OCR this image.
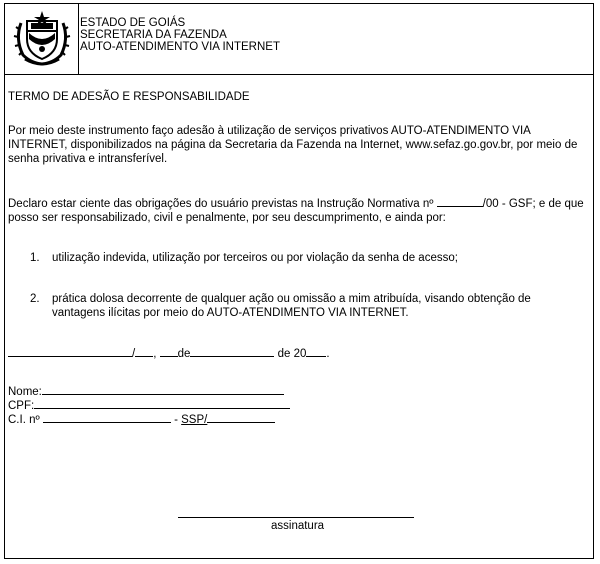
ESTADO DE GOIÁS
SECRETARIA DA FAZENDA
AUTO-ATENDIMENTO VIA INTERNET
TERMO DE ADESÃO E RESPONSABILIDADE
Por meio deste instrumento faço adesão à utilização de serviços privativos AUTO-ATENDIMENTO VIA INTERNET, disponibilizados na página da Secretaria da Fazenda na Internet, www.sefaz.go.gov.br, por meio de senha privativa e intransferível.
Declaro estar ciente das obrigações do usuário previstas na Instrução Normativa nº	/00 - GSF; e de que posso ser responsabilizado, civil e penalmente, por seu descumprimento, e ainda por:
1. utilização indevida, utilização por terceiros ou por violação da senha de acesso;
2. prática dolosa decorrente de qualquer ação ou omissão a mim atribuída, visando obtenção de vantagens ilícitas por meio do AUTO-ATENDIMENTO VIA INTERNET.
/ , de	de 20 .
Nome:
CPF:
C.I. nº	- SSP/
assinatura
